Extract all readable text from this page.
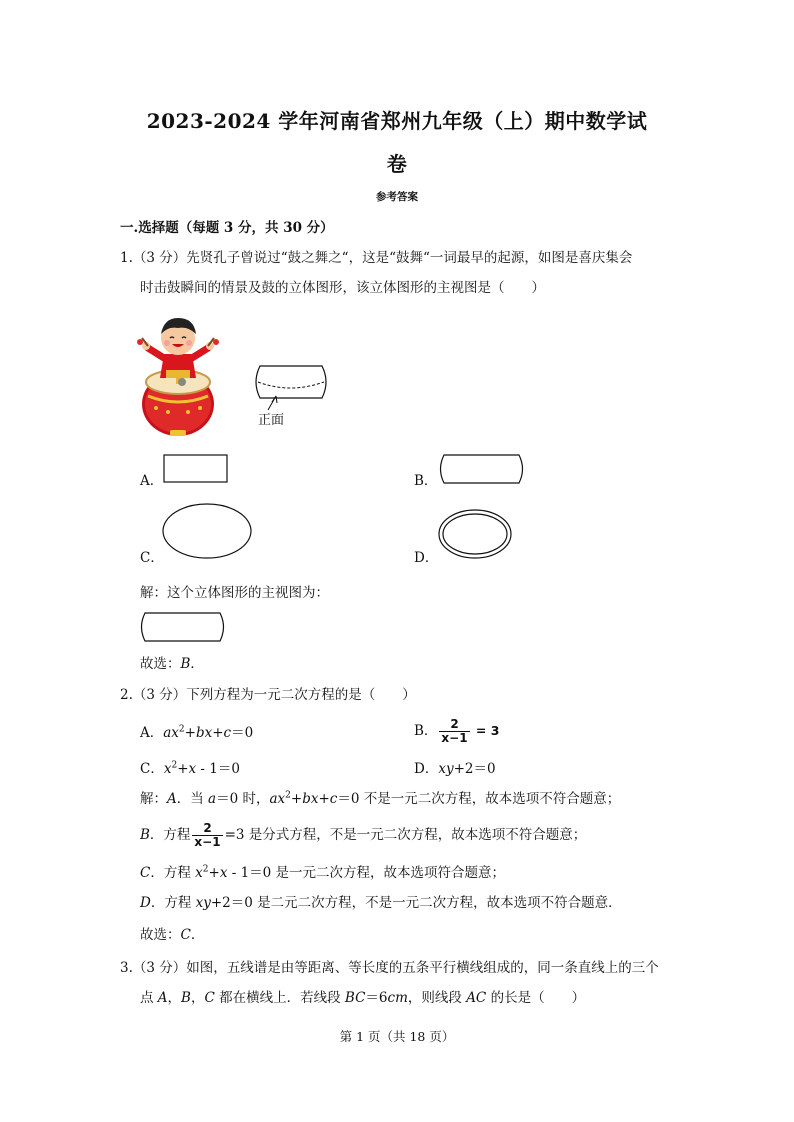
2023-2024 学年河南省郑州九年级（上）期中数学试
卷
参考答案
一.选择题（每题 3 分，共 30 分）
1.（3 分）先贤孔子曾说过“鼓之舞之“，这是“鼓舞“一词最早的起源，如图是喜庆集会
时击鼓瞬间的情景及鼓的立体图形，该立体图形的主视图是（　　）
正面
A．	B．
C．	D．
解：这个立体图形的主视图为：
故选：B．
2.（3 分）下列方程为一元二次方程的是（　　）
A．$ax^2+bx+c=0$	B． $\frac{2}{x-1} = 3$
C．$x^2+x - 1=0$	D．xy+2＝0
解：A．当 a＝0 时，$ax^2+bx+c=0$ 不是一元二次方程，故本选项不符合题意；
B．方程 $\frac{2}{x-1} =3$ 是分式方程，不是一元二次方程，故本选项不符合题意；
C．方程 $x^2+x - 1=0$ 是一元二次方程，故本选项符合题意；
D．方程 xy+2＝0 是二元二次方程，不是一元二次方程，故本选项不符合题意．
故选：C．
3.（3 分）如图，五线谱是由等距离、等长度的五条平行横线组成的，同一条直线上的三个
点 A，B，C 都在横线上．若线段 BC＝6cm，则线段 AC 的长是（　　）
第 1 页（共 18 页）
